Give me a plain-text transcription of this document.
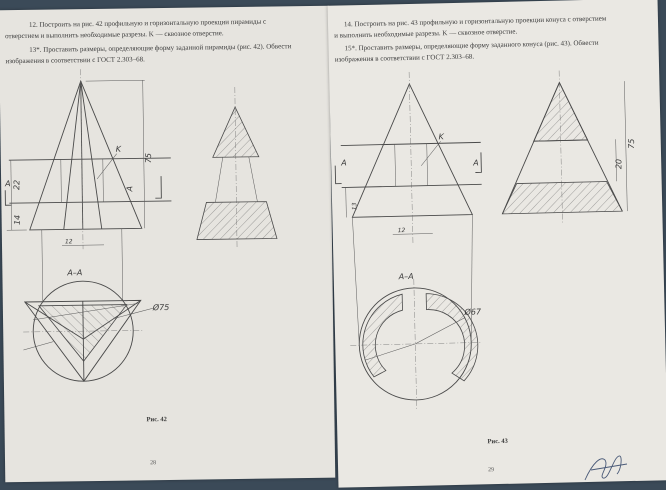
12. Построить на рис. 42 профильную и горизонтальную проекции пирамиды с
отверстием и выполнить необходимые разрезы. K — сквозное отверстие.
13*. Проставить размеры, определяющие форму заданной пирамиды (рис. 42). Обвести
изображения в соответствии с ГОСТ 2.303–68.
75
22
14
K
A
A
12
А–А
Ø75
Рис. 42
28
14. Построить на рис. 43 профильную и горизонтальную проекции конуса с отверстием
и выполнить необходимые разрезы. K — сквозное отверстие.
15*. Проставить размеры, определяющие форму заданного конуса (рис. 43). Обвести
изображения в соответствии с ГОСТ 2.303–68.
K
A	A
13
12
20
75
А–А
Ø67
Рис. 43
29
